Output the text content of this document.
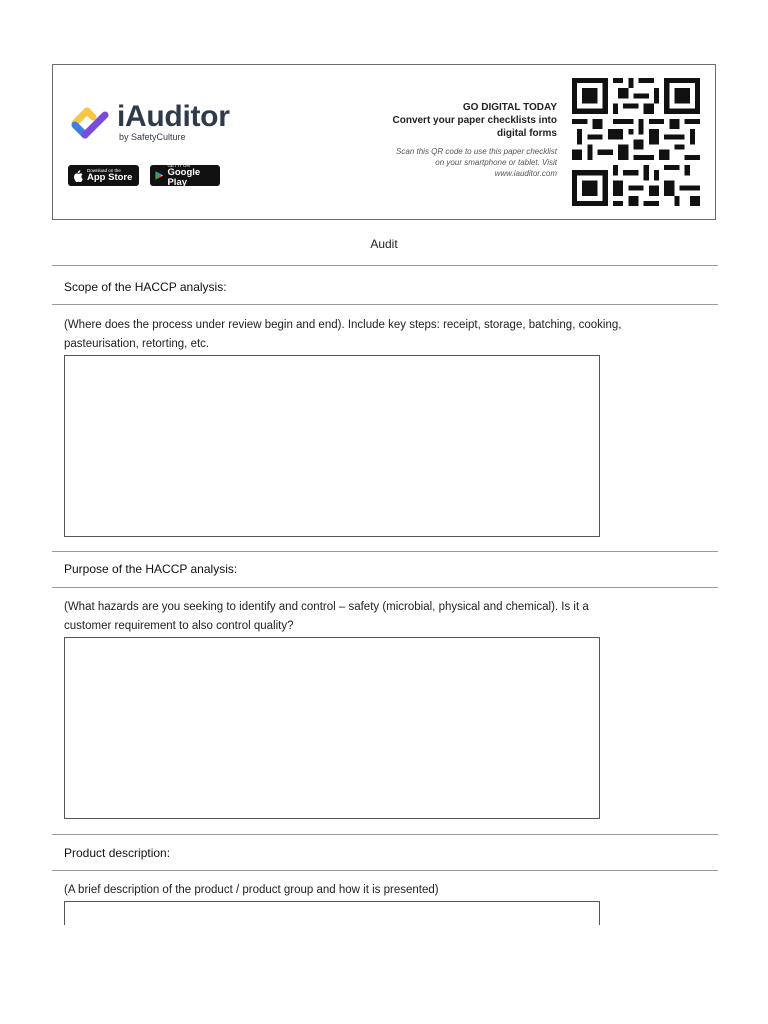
iAuditor
by SafetyCulture
Download on the
App Store
GET IT ON
Google Play
GO DIGITAL TODAY
Convert your paper checklists into digital forms
Scan this QR code to use this paper checklist on your smartphone or tablet. Visit www.iauditor.com
Audit
Scope of the HACCP analysis:
(Where does the process under review begin and end). Include key steps: receipt, storage, batching, cooking, pasteurisation, retorting, etc.
Purpose of the HACCP analysis:
(What hazards are you seeking to identify and control – safety (microbial, physical and chemical). Is it a customer requirement to also control quality?
Product description:
(A brief description of the product / product group and how it is presented)
